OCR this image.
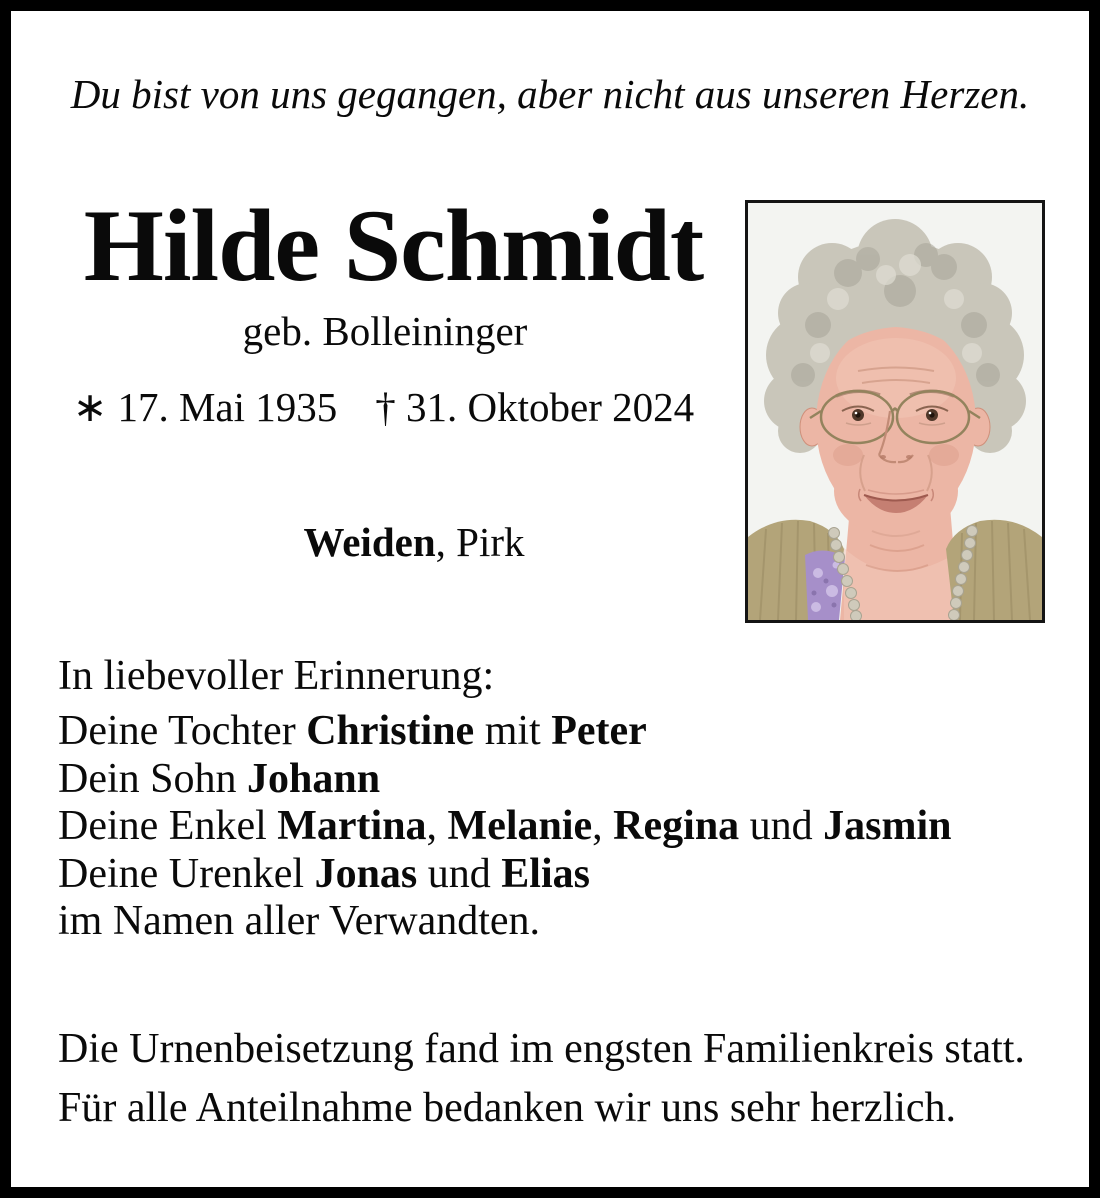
Du bist von uns gegangen, aber nicht aus unseren Herzen.
Hilde Schmidt
geb. Bolleininger
∗ 17. Mai 1935 † 31. Oktober 2024
Weiden, Pirk
In liebevoller Erinnerung:
Deine Tochter Christine mit Peter
Dein Sohn Johann
Deine Enkel Martina, Melanie, Regina und Jasmin
Deine Urenkel Jonas und Elias
im Namen aller Verwandten.
Die Urnenbeisetzung fand im engsten Familienkreis statt.
Für alle Anteilnahme bedanken wir uns sehr herzlich.
